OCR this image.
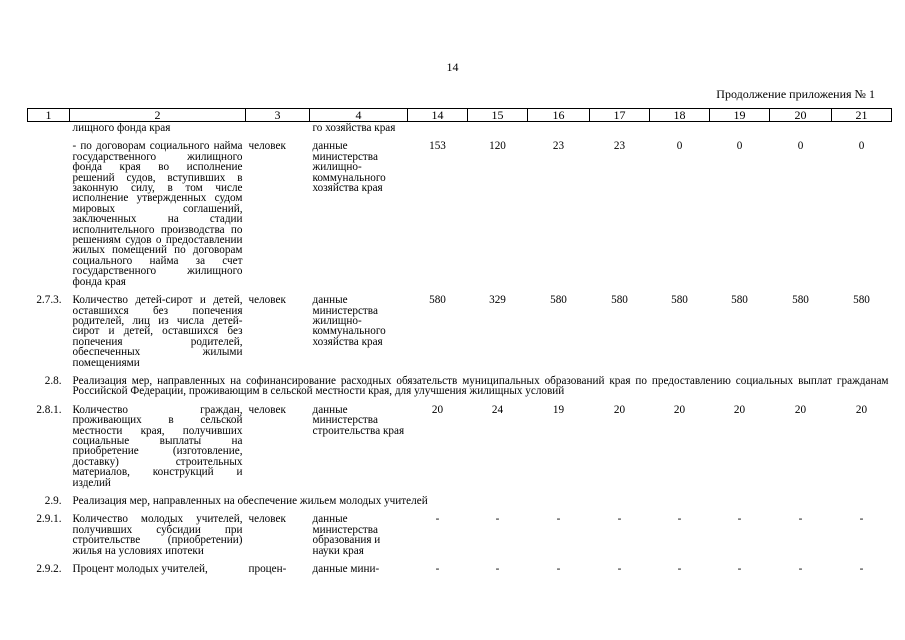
14
Продолжение приложения № 1
1	2	3	4	14	15	16	17	18	19	20	21
	лищного фонда края		го хозяйства края								
	- по договорам социального найма государственного жилищного фонда края во исполнение решений судов, вступивших в законную силу, в том числе исполнение утвержденных судом мировых соглашений, заключенных на стадии исполнительного производства по решениям судов о предоставлении жилых помещений по договорам социального найма за счет государственного жилищного фонда края	человек	данные министерства жилищно-коммунального хозяйства края	153	120	23	23	0	0	0	0
2.7.3.	Количество детей-сирот и детей, оставшихся без попечения родителей, лиц из числа детей-сирот и детей, оставшихся без попечения родителей, обеспеченных жилыми помещениями	человек	данные министерства жилищно-коммунального хозяйства края	580	329	580	580	580	580	580	580
2.8.	Реализация мер, направленных на софинансирование расходных обязательств муниципальных образований края по предоставлению социальных выплат гражданам Российской Федерации, проживающим в сельской местности края, для улучшения жилищных условий										
2.8.1.	Количество граждан, проживающих в сельской местности края, получивших социальные выплаты на приобретение (изготовление, доставку) строительных материалов, конструкций и изделий	человек	данные министерства строительства края	20	24	19	20	20	20	20	20
2.9.	Реализация мер, направленных на обеспечение жильем молодых учителей										
2.9.1.	Количество молодых учителей, получивших субсидии при строительстве (приобретении) жилья на условиях ипотеки	человек	данные министерства образования и науки края	-	-	-	-	-	-	-	-
2.9.2.	Процент молодых учителей,	процен-	данные мини-	-	-	-	-	-	-	-	-
